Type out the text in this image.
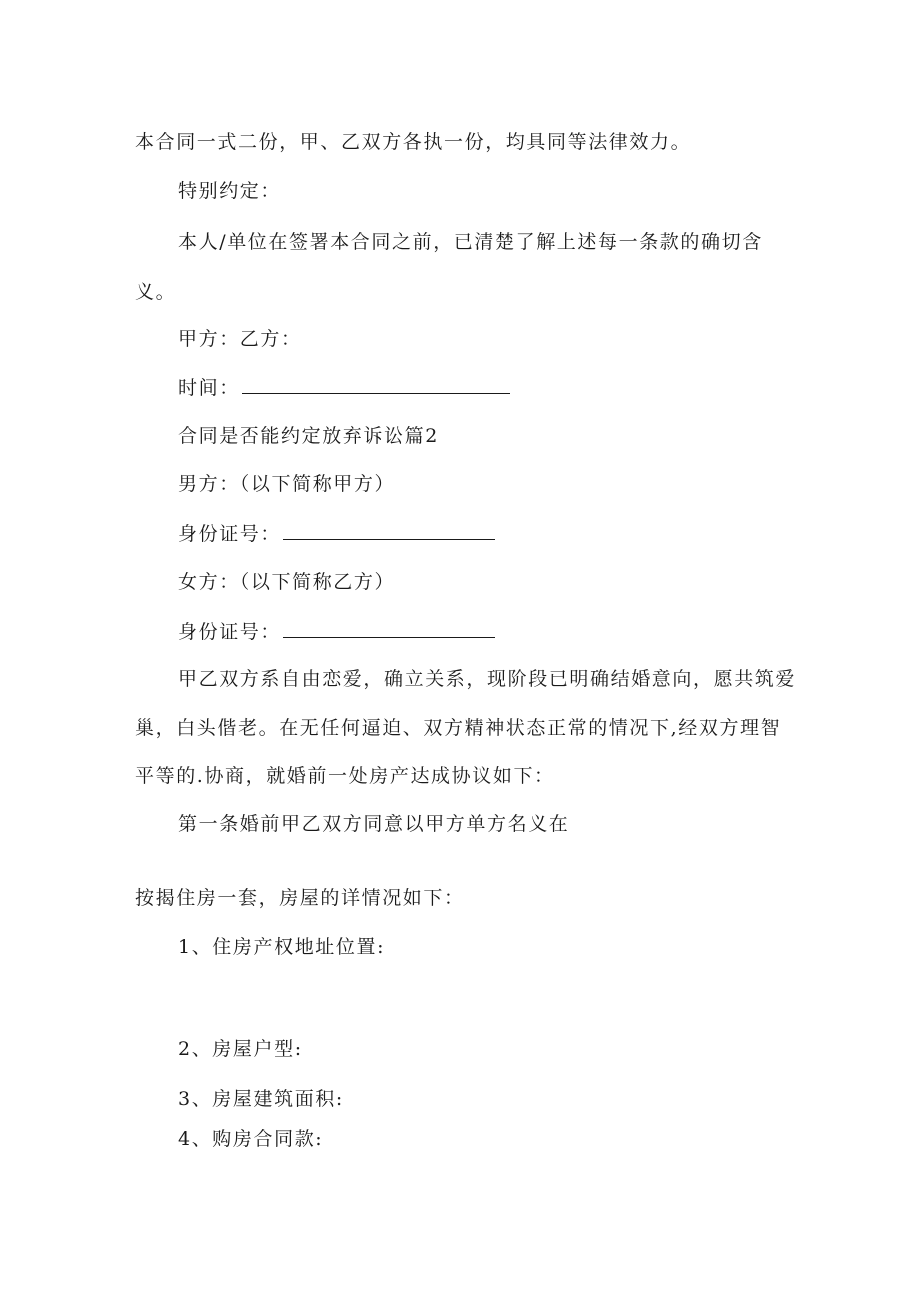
本合同一式二份，甲、乙双方各执一份，均具同等法律效力。
特别约定：
本人/单位在签署本合同之前，已清楚了解上述每一条款的确切含
义。
甲方：乙方：
时间：
合同是否能约定放弃诉讼篇2
男方：（以下简称甲方）
身份证号：
女方：（以下简称乙方）
身份证号：
甲乙双方系自由恋爱，确立关系，现阶段已明确结婚意向，愿共筑爱
巢，白头偕老。在无任何逼迫、双方精神状态正常的情况下,经双方理智
平等的.协商，就婚前一处房产达成协议如下：
第一条婚前甲乙双方同意以甲方单方名义在
按揭住房一套，房屋的详情况如下：
1、住房产权地址位置:
2、房屋户型:
3、房屋建筑面积:
4、购房合同款:
